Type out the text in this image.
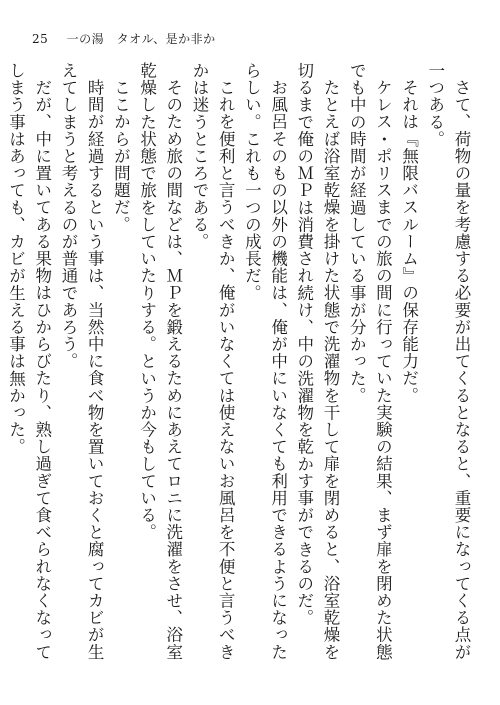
25 一の湯　タオル、是か非か

さて、荷物の量を考慮する必要が出てくるとなると、重要になってくる点が一つある。

それは『無限バスルーム』の保存能力だ。

ケレス・ポリスまでの旅の間に行っていた実験の結果、まず扉を閉めた状態でも中の時間が経過している事が分かった。

たとえば浴室乾燥を掛けた状態で洗濯物を干して扉を閉めると、浴室乾燥を切るまで俺のＭＰは消費され続け、中の洗濯物を乾かす事ができるのだ。

お風呂そのもの以外の機能は、俺が中にいなくても利用できるようになったらしい。これも一つの成長だ。

これを便利と言うべきか、俺がいなくては使えないお風呂を不便と言うべきかは迷うところである。

そのため旅の間などは、ＭＰを鍛えるためにあえてロニに洗濯をさせ、浴室乾燥した状態で旅をしていたりする。というか今もしている。

ここからが問題だ。

時間が経過するという事は、当然中に食べ物を置いておくと腐ってカビが生えてしまうと考えるのが普通であろう。

だが、中に置いてある果物はひからびたり、熟し過ぎて食べられなくなってしまう事はあっても、カビが生える事は無かった。
